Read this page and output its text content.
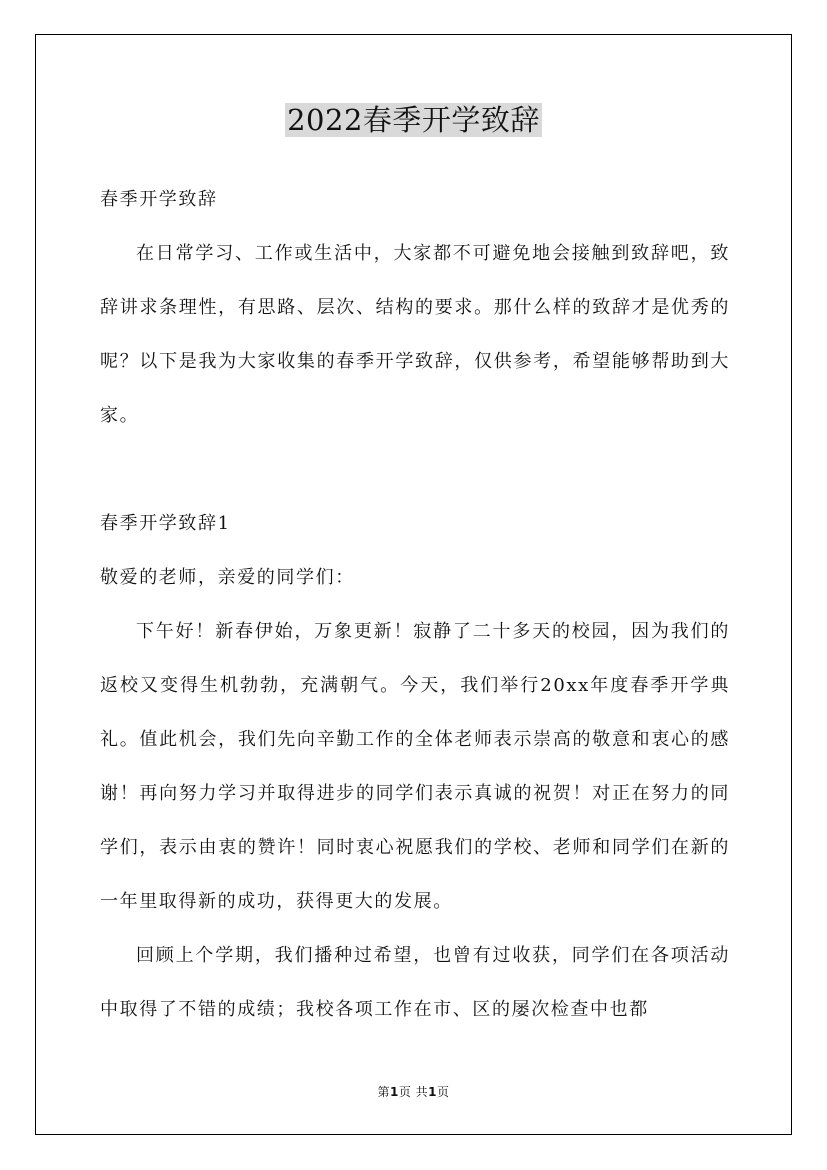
2022春季开学致辞

春季开学致辞

在日常学习、工作或生活中，大家都不可避免地会接触到致辞吧，致辞讲求条理性，有思路、层次、结构的要求。那什么样的致辞才是优秀的呢？以下是我为大家收集的春季开学致辞，仅供参考，希望能够帮助到大家。

春季开学致辞1

敬爱的老师，亲爱的同学们：

下午好！新春伊始，万象更新！寂静了二十多天的校园，因为我们的返校又变得生机勃勃，充满朝气。今天，我们举行20xx年度春季开学典礼。值此机会，我们先向辛勤工作的全体老师表示崇高的敬意和衷心的感谢！再向努力学习并取得进步的同学们表示真诚的祝贺！对正在努力的同学们，表示由衷的赞许！同时衷心祝愿我们的学校、老师和同学们在新的一年里取得新的成功，获得更大的发展。

回顾上个学期，我们播种过希望，也曾有过收获，同学们在各项活动中取得了不错的成绩；我校各项工作在市、区的屡次检查中也都

第1页 共1页
